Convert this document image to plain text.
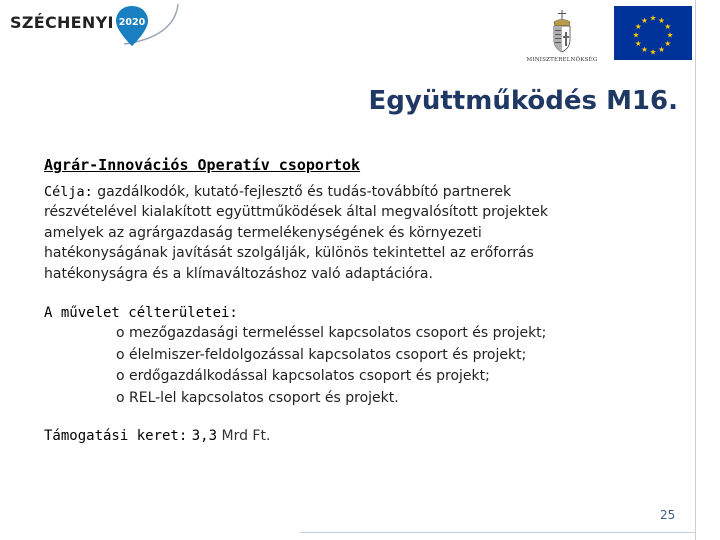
SZÉCHENYI 2020
MINISZTERELNÖKSÉG
★ ★
★
★
★
★
★
★
★
★
★
★
Együttműködés M16.
Agrár-Innovációs Operatív csoportok
Célja: gazdálkodók, kutató-fejlesztő és tudás-továbbító partnerek
részvételével kialakított együttműködések által megvalósított projektek
amelyek az agrárgazdaság termelékenységének és környezeti
hatékonyságának javítását szolgálják, különös tekintettel az erőforrás
hatékonyságra és a klímaváltozáshoz való adaptációra.
A művelet célterületei:
o mezőgazdasági termeléssel kapcsolatos csoport és projekt;
o élelmiszer-feldolgozással kapcsolatos csoport és projekt;
o erdőgazdálkodással kapcsolatos csoport és projekt;
o REL-lel kapcsolatos csoport és projekt.
Támogatási keret: 3,3 Mrd Ft.
25
